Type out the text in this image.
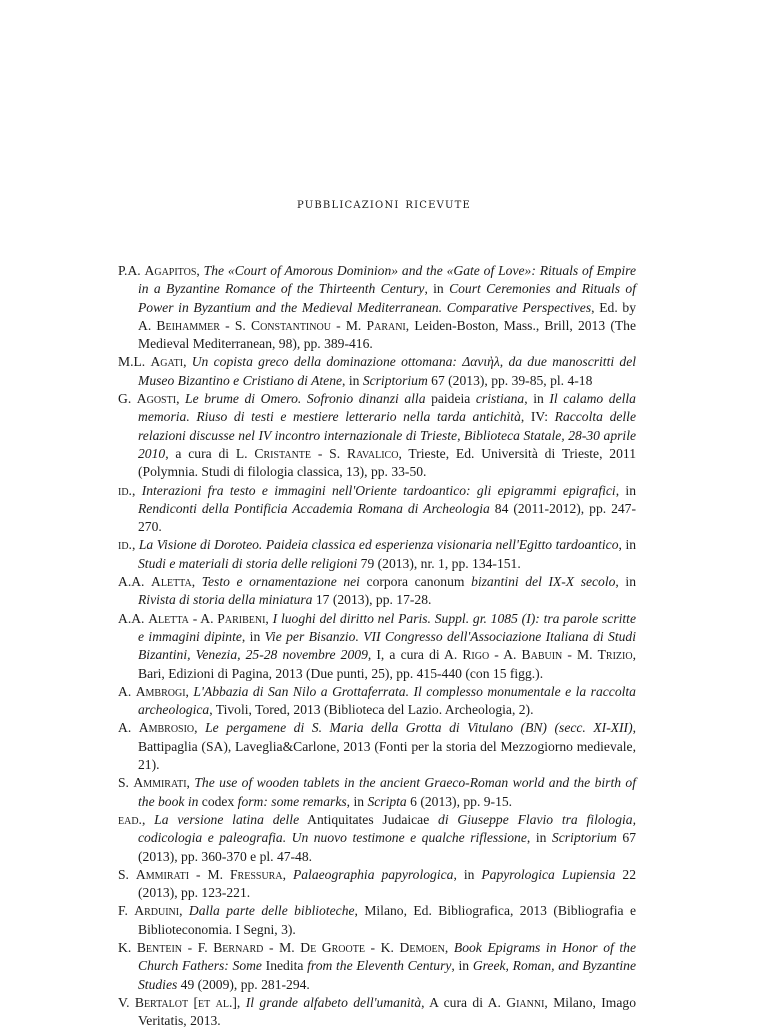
pubblicazioni ricevute

P.A. Agapitos, The «Court of Amorous Dominion» and the «Gate of Love»: Rituals of Empire in a Byzantine Romance of the Thirteenth Century, in Court Ceremonies and Rituals of Power in Byzantium and the Medieval Mediterranean. Comparative Perspectives, Ed. by A. Beihammer - S. Constantinou - M. Parani, Leiden-Boston, Mass., Brill, 2013 (The Medieval Mediterranean, 98), pp. 389-416.

M.L. Agati, Un copista greco della dominazione ottomana: Δανιὴλ, da due manoscritti del Museo Bizantino e Cristiano di Atene, in Scriptorium 67 (2013), pp. 39-85, pl. 4-18

G. Agosti, Le brume di Omero. Sofronio dinanzi alla paideia cristiana, in Il calamo della memoria. Riuso di testi e mestiere letterario nella tarda antichità, IV: Raccolta delle relazioni discusse nel IV incontro internazionale di Trieste, Biblioteca Statale, 28-30 aprile 2010, a cura di L. Cristante - S. Ravalico, Trieste, Ed. Università di Trieste, 2011 (Polymnia. Studi di filologia classica, 13), pp. 33-50.

id., Interazioni fra testo e immagini nell'Oriente tardoantico: gli epigrammi epigrafici, in Rendiconti della Pontificia Accademia Romana di Archeologia 84 (2011-2012), pp. 247-270.

id., La Visione di Doroteo. Paideia classica ed esperienza visionaria nell'Egitto tardoantico, in Studi e materiali di storia delle religioni 79 (2013), nr. 1, pp. 134-151.

A.A. Aletta, Testo e ornamentazione nei corpora canonum bizantini del IX-X secolo, in Rivista di storia della miniatura 17 (2013), pp. 17-28.

A.A. Aletta - A. Paribeni, I luoghi del diritto nel Paris. Suppl. gr. 1085 (I): tra parole scritte e immagini dipinte, in Vie per Bisanzio. VII Congresso dell'Associazione Italiana di Studi Bizantini, Venezia, 25-28 novembre 2009, I, a cura di A. Rigo - A. Babuin - M. Trizio, Bari, Edizioni di Pagina, 2013 (Due punti, 25), pp. 415-440 (con 15 figg.).

A. Ambrogi, L'Abbazia di San Nilo a Grottaferrata. Il complesso monumentale e la raccolta archeologica, Tivoli, Tored, 2013 (Biblioteca del Lazio. Archeologia, 2).

A. Ambrosio, Le pergamene di S. Maria della Grotta di Vitulano (BN) (secc. XI-XII), Battipaglia (SA), Laveglia&Carlone, 2013 (Fonti per la storia del Mezzogiorno medievale, 21).

S. Ammirati, The use of wooden tablets in the ancient Graeco-Roman world and the birth of the book in codex form: some remarks, in Scripta 6 (2013), pp. 9-15.

ead., La versione latina delle Antiquitates Judaicae di Giuseppe Flavio tra filologia, codicologia e paleografia. Un nuovo testimone e qualche riflessione, in Scriptorium 67 (2013), pp. 360-370 e pl. 47-48.

S. Ammirati - M. Fressura, Palaeographia papyrologica, in Papyrologica Lupiensia 22 (2013), pp. 123-221.

F. Arduini, Dalla parte delle biblioteche, Milano, Ed. Bibliografica, 2013 (Bibliografia e Biblioteconomia. I Segni, 3).

K. Bentein - F. Bernard - M. De Groote - K. Demoen, Book Epigrams in Honor of the Church Fathers: Some Inedita from the Eleventh Century, in Greek, Roman, and Byzantine Studies 49 (2009), pp. 281-294.

V. Bertalot [et al.], Il grande alfabeto dell'umanità, A cura di A. Gianni, Milano, Imago Veritatis, 2013.
